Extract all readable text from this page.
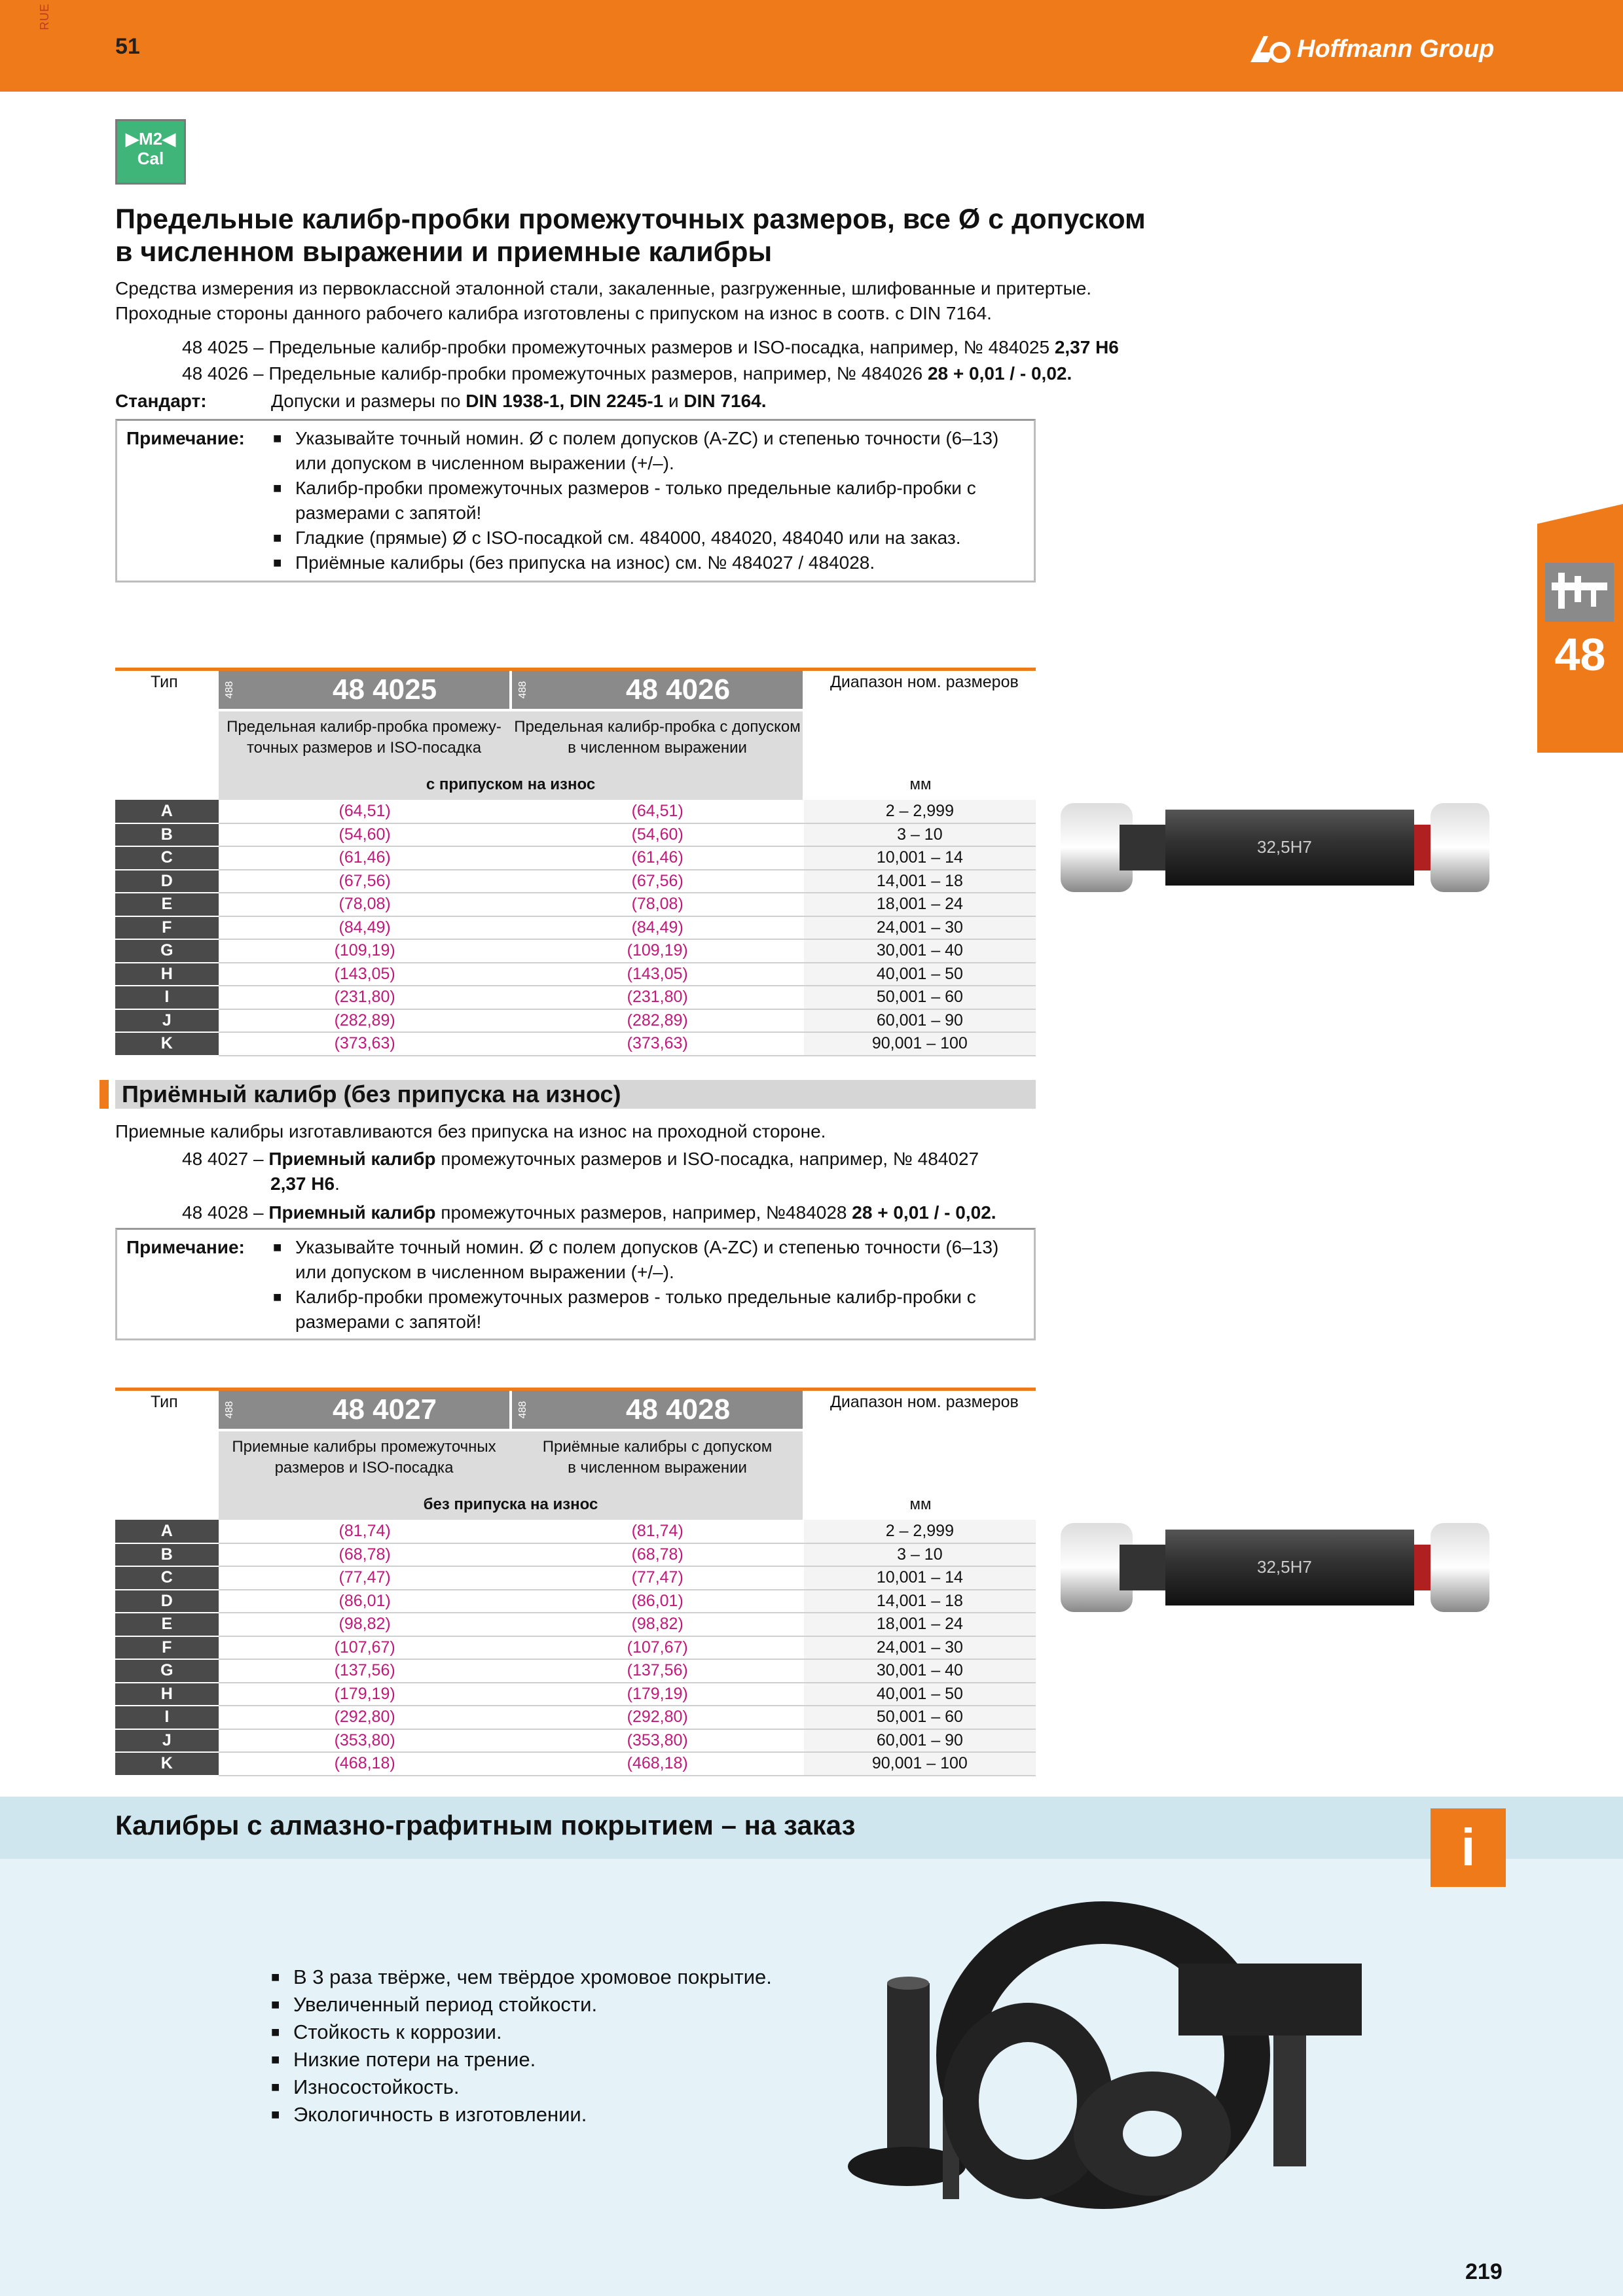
RUE
51	Hoffmann Group
▶M2◀
Cal
Предельные калибр-пробки промежуточных размеров, все Ø с допуском
в численном выражении и приемные калибры
Средства измерения из первоклассной эталонной стали, закаленные, разгруженные, шлифованные и притертые.
Проходные стороны данного рабочего калибра изготовлены с припуском на износ в соотв. с DIN 7164.
48 4025 – Предельные калибр-пробки промежуточных размеров и ISO-посадка, например, № 484025 2,37 H6
48 4026 – Предельные калибр-пробки промежуточных размеров, например, № 484026 28 + 0,01 / - 0,02.
Стандарт:	Допуски и размеры по DIN 1938-1, DIN 2245-1 и DIN 7164.
Примечание:	■ Указывайте точный номин. Ø с полем допусков (A-ZC) и степенью точности (6–13)
или допуском в численном выражении (+/–).
■ Калибр-пробки промежуточных размеров - только предельные калибр-пробки с
размерами с запятой!
■ Гладкие (прямые) Ø с ISO-посадкой см. 484000, 484020, 484040 или на заказ.
■ Приёмные калибры (без припуска на износ) см. № 484027 / 484028.
48
Тип	488	48 4025	488	48 4026	Диапазон ном. размеров
Предельная калибр-пробка промежу-
точных размеров и ISO-посадка
Предельная калибр-пробка с допуском
в численном выражении
с припуском на износ	мм
A	(64,51)	(64,51)	2 – 2,999
B	(54,60)	(54,60)	3 – 10
C	(61,46)	(61,46)	10,001 – 14
D	(67,56)	(67,56)	14,001 – 18
E	(78,08)	(78,08)	18,001 – 24
F	(84,49)	(84,49)	24,001 – 30
G	(109,19)	(109,19)	30,001 – 40
H	(143,05)	(143,05)	40,001 – 50
I	(231,80)	(231,80)	50,001 – 60
J	(282,89)	(282,89)	60,001 – 90
K	(373,63)	(373,63)	90,001 – 100
32,5H7
Приёмный калибр (без припуска на износ)
Приемные калибры изготавливаются без припуска на износ на проходной стороне.
48 4027 – Приемный калибр промежуточных размеров и ISO-посадка, например, № 484027
2,37 H6.
48 4028 – Приемный калибр промежуточных размеров, например, №484028 28 + 0,01 / - 0,02.
Примечание:	■ Указывайте точный номин. Ø с полем допусков (A-ZC) и степенью точности (6–13)
или допуском в численном выражении (+/–).
■ Калибр-пробки промежуточных размеров - только предельные калибр-пробки с
размерами с запятой!
Тип	488	48 4027	488	48 4028	Диапазон ном. размеров
Приемные калибры промежуточных
размеров и ISO-посадка
Приёмные калибры с допуском
в численном выражении
без припуска на износ	мм
A	(81,74)	(81,74)	2 – 2,999
B	(68,78)	(68,78)	3 – 10
C	(77,47)	(77,47)	10,001 – 14
D	(86,01)	(86,01)	14,001 – 18
E	(98,82)	(98,82)	18,001 – 24
F	(107,67)	(107,67)	24,001 – 30
G	(137,56)	(137,56)	30,001 – 40
H	(179,19)	(179,19)	40,001 – 50
I	(292,80)	(292,80)	50,001 – 60
J	(353,80)	(353,80)	60,001 – 90
K	(468,18)	(468,18)	90,001 – 100
32,5H7
Калибры с алмазно-графитным покрытием – на заказ	i
■ В 3 раза твёрже, чем твёрдое хромовое покрытие.
■ Увеличенный период стойкости.
■ Стойкость к коррозии.
■ Низкие потери на трение.
■ Износостойкость.
■ Экологичность в изготовлении.
219
